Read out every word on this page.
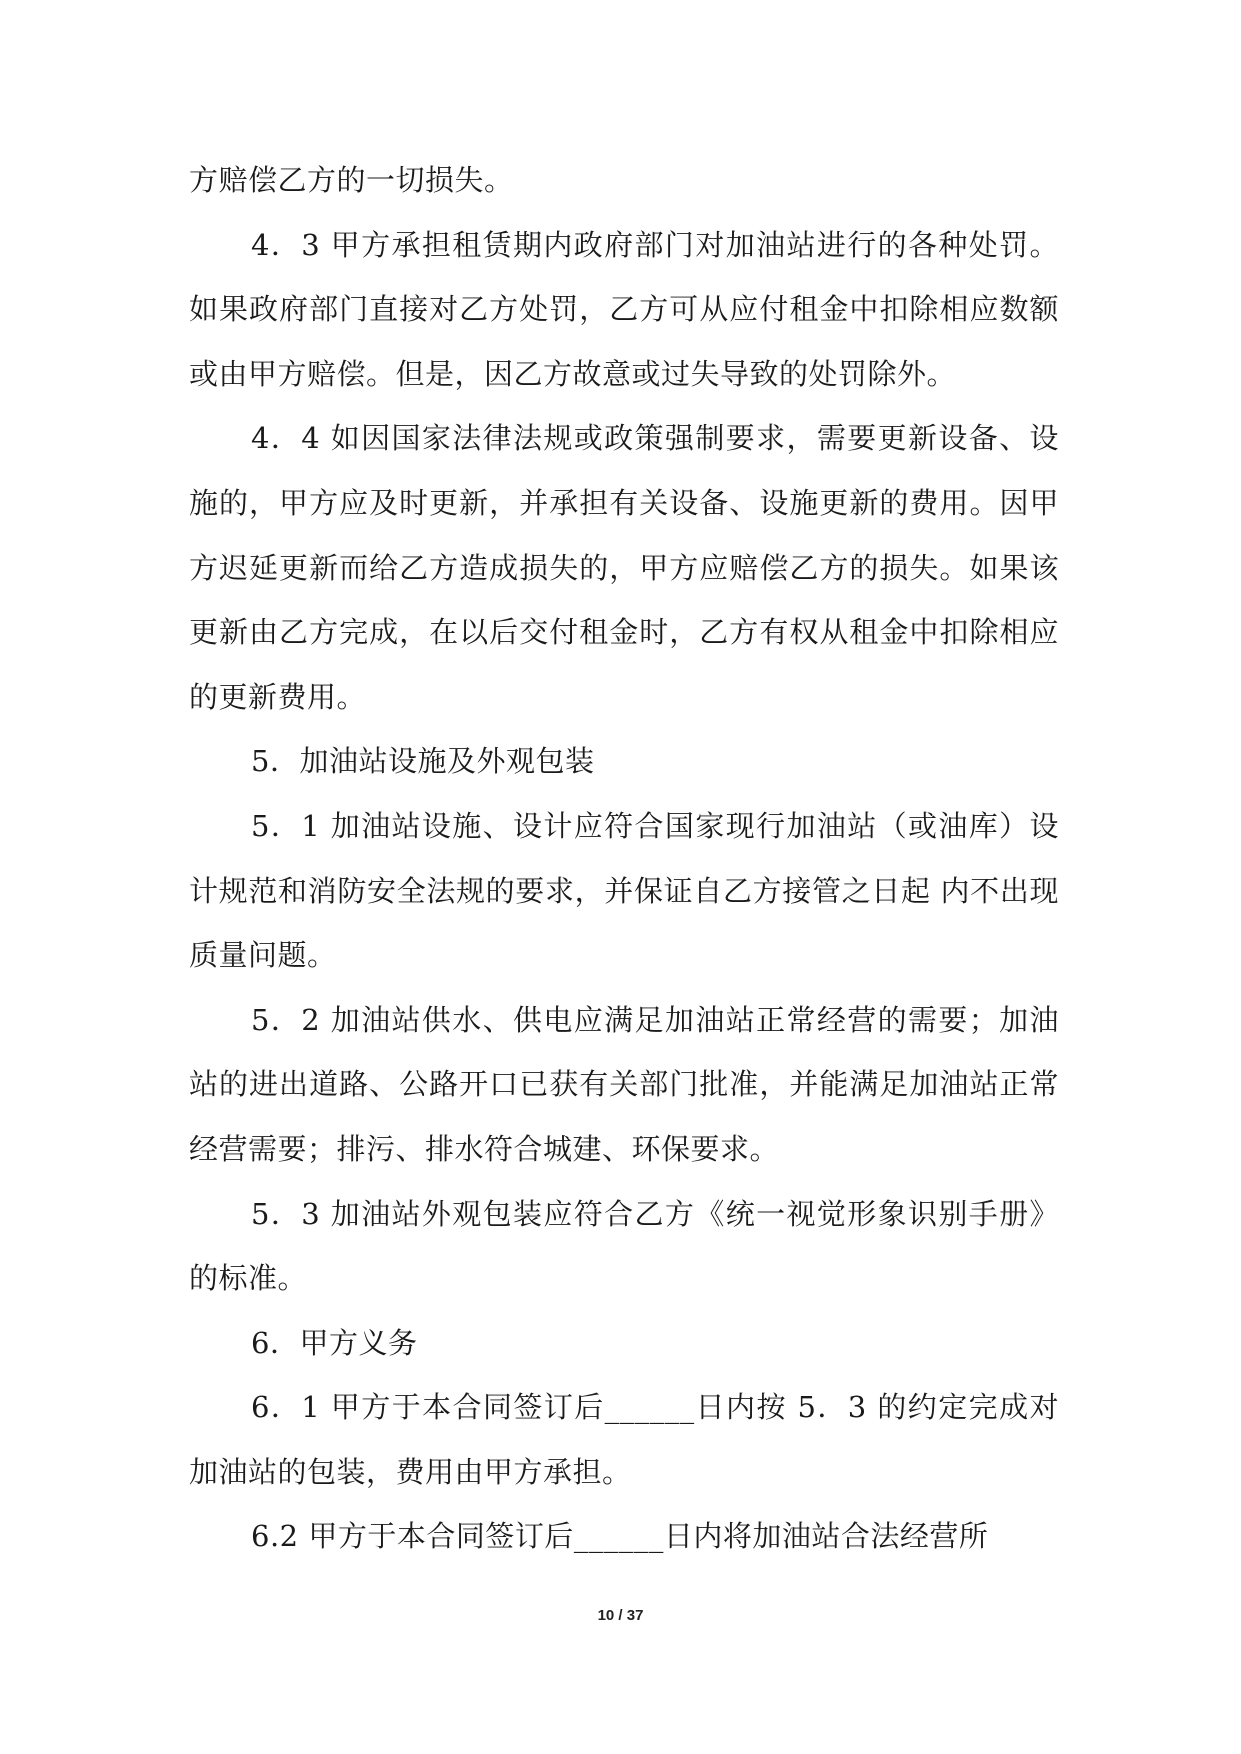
方赔偿乙方的一切损失。

4．3 甲方承担租赁期内政府部门对加油站进行的各种处罚。如果政府部门直接对乙方处罚，乙方可从应付租金中扣除相应数额或由甲方赔偿。但是，因乙方故意或过失导致的处罚除外。

4．4 如因国家法律法规或政策强制要求，需要更新设备、设施的，甲方应及时更新，并承担有关设备、设施更新的费用。因甲方迟延更新而给乙方造成损失的，甲方应赔偿乙方的损失。如果该更新由乙方完成，在以后交付租金时，乙方有权从租金中扣除相应的更新费用。

5．加油站设施及外观包装

5．1 加油站设施、设计应符合国家现行加油站（或油库）设计规范和消防安全法规的要求，并保证自乙方接管之日起 内不出现质量问题。

5．2 加油站供水、供电应满足加油站正常经营的需要；加油站的进出道路、公路开口已获有关部门批准，并能满足加油站正常经营需要；排污、排水符合城建、环保要求。

5．3 加油站外观包装应符合乙方《统一视觉形象识别手册》的标准。

6．甲方义务

6．1 甲方于本合同签订后______日内按 5．3 的约定完成对加油站的包装，费用由甲方承担。

6.2 甲方于本合同签订后______日内将加油站合法经营所

10 / 37
